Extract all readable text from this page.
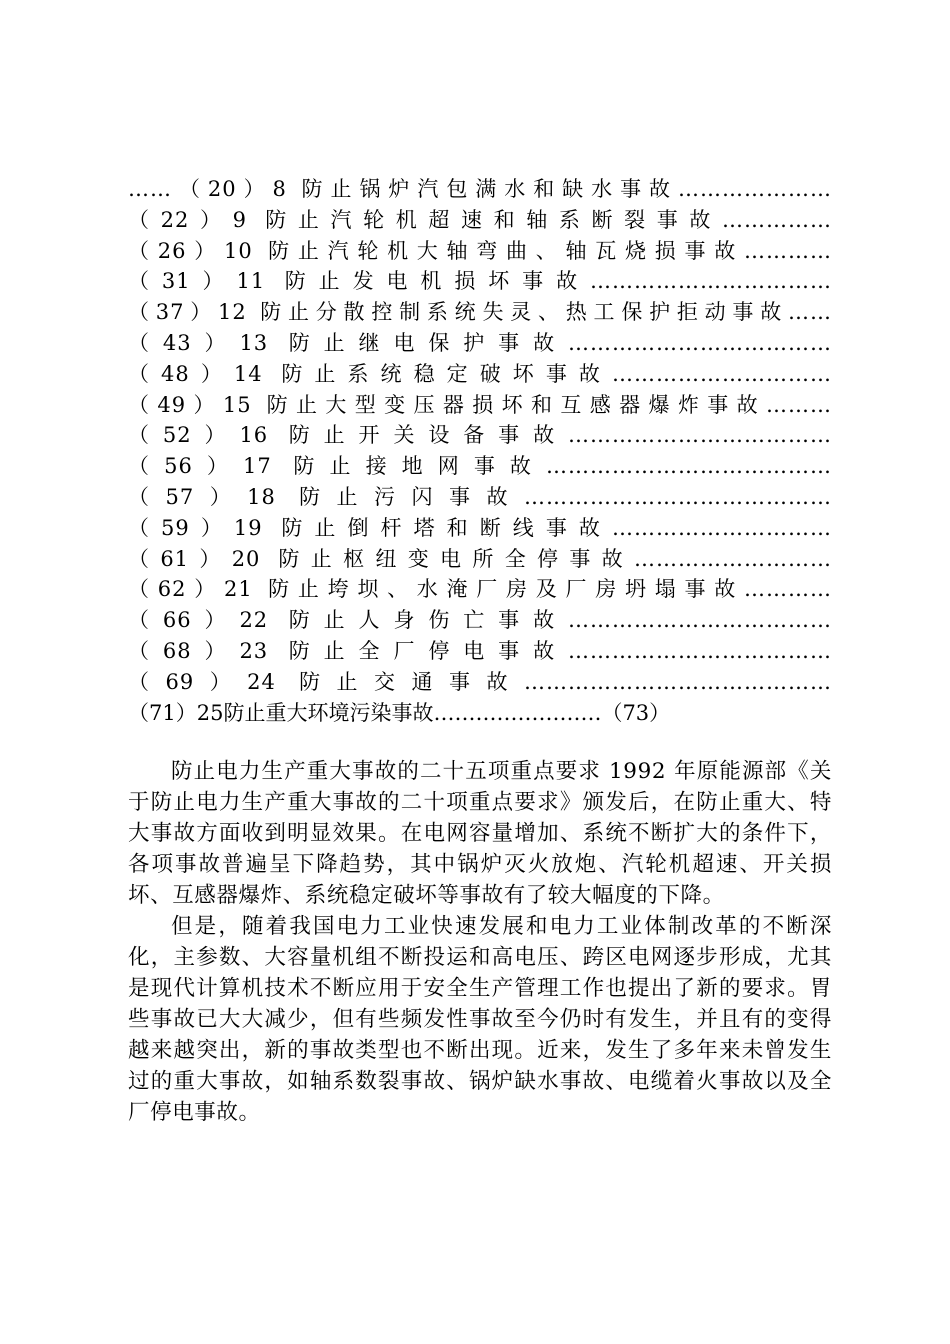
……（20）8 防止锅炉汽包满水和缺水事故…………………
（22）9 防止汽轮机超速和轴系断裂事故……………
（26）10 防止汽轮机大轴弯曲、轴瓦烧损事故…………
（31）11 防止发电机损坏事故……………………………
（37）12 防止分散控制系统失灵、热工保护拒动事故……
（43）13 防止继电保护事故………………………………
（48）14 防止系统稳定破坏事故…………………………
（49）15 防止大型变压器损坏和互感器爆炸事故………
（52）16 防止开关设备事故………………………………
（56）17 防止接地网事故…………………………………
（57）18 防止污闪事故……………………………………
（59）19 防止倒杆塔和断线事故…………………………
（61）20 防止枢纽变电所全停事故………………………
（62）21 防止垮坝、水淹厂房及厂房坍塌事故…………
（66）22 防止人身伤亡事故………………………………
（68）23 防止全厂停电事故………………………………
（69）24 防止交通事故……………………………………
（71）25防止重大环境污染事故……………………（73）

防止电力生产重大事故的二十五项重点要求 1992 年原能源部《关于防止电力生产重大事故的二十项重点要求》颁发后，在防止重大、特大事故方面收到明显效果。在电网容量增加、系统不断扩大的条件下，各项事故普遍呈下降趋势，其中锅炉灭火放炮、汽轮机超速、开关损坏、互感器爆炸、系统稳定破坏等事故有了较大幅度的下降。

但是，随着我国电力工业快速发展和电力工业体制改革的不断深化，主参数、大容量机组不断投运和高电压、跨区电网逐步形成，尤其是现代计算机技术不断应用于安全生产管理工作也提出了新的要求。胃些事故已大大减少，但有些频发性事故至今仍时有发生，并且有的变得越来越突出，新的事故类型也不断出现。近来，发生了多年来未曾发生过的重大事故，如轴系数裂事故、锅炉缺水事故、电缆着火事故以及全厂停电事故。
